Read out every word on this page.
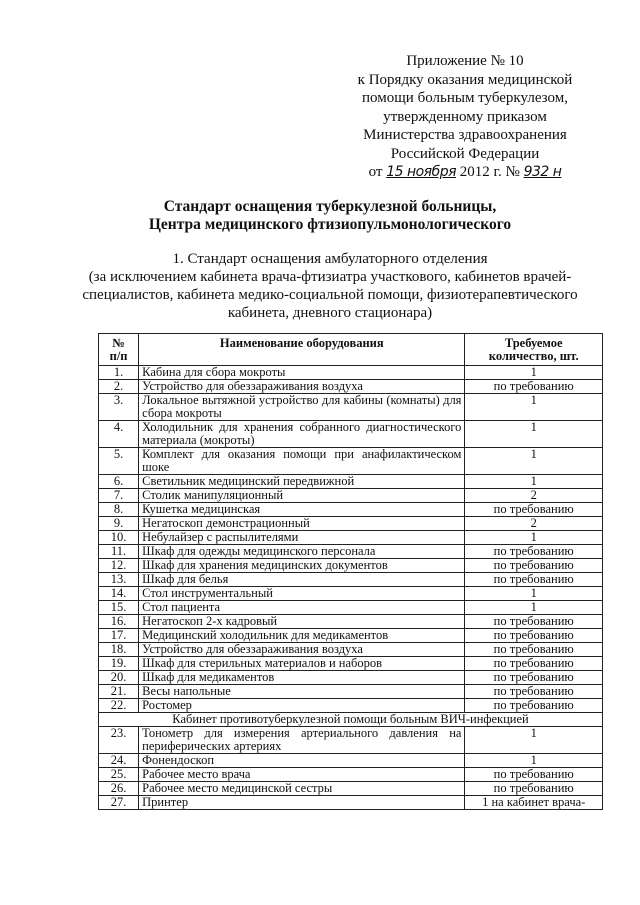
Приложение № 10
к Порядку оказания медицинской
помощи больным туберкулезом,
утвержденному приказом
Министерства здравоохранения
Российской Федерации
от 15 ноября 2012 г. № 932 н
Стандарт оснащения туберкулезной больницы,
Центра медицинского фтизиопульмонологического
1. Стандарт оснащения амбулаторного отделения
(за исключением кабинета врача-фтизиатра участкового, кабинетов врачей-
специалистов, кабинета медико-социальной помощи, физиотерапевтического
кабинета, дневного стационара)
№
п/п	Наименование оборудования	Требуемое
количество, шт.
1.	Кабина для сбора мокроты	1
2.	Устройство для обеззараживания воздуха	по требованию
3.	Локальное вытяжной устройство для кабины (комнаты) для сбора мокроты	1
4.	Холодильник для хранения собранного диагностического материала (мокроты)	1
5.	Комплект для оказания помощи при анафилактическом шоке	1
6.	Светильник медицинский передвижной	1
7.	Столик манипуляционный	2
8.	Кушетка медицинская	по требованию
9.	Негатоскоп демонстрационный	2
10.	Небулайзер с распылителями	1
11.	Шкаф для одежды медицинского персонала	по требованию
12.	Шкаф для хранения медицинских документов	по требованию
13.	Шкаф для белья	по требованию
14.	Стол инструментальный	1
15.	Стол пациента	1
16.	Негатоскоп 2-х кадровый	по требованию
17.	Медицинский холодильник для медикаментов	по требованию
18.	Устройство для обеззараживания воздуха	по требованию
19.	Шкаф для стерильных материалов и наборов	по требованию
20.	Шкаф для медикаментов	по требованию
21.	Весы напольные	по требованию
22.	Ростомер	по требованию
Кабинет противотуберкулезной помощи больным ВИЧ-инфекцией		
23.	Тонометр для измерения артериального давления на периферических артериях	1
24.	Фонендоскоп	1
25.	Рабочее место врача	по требованию
26.	Рабочее место медицинской сестры	по требованию
27.	Принтер	1 на кабинет врача-
